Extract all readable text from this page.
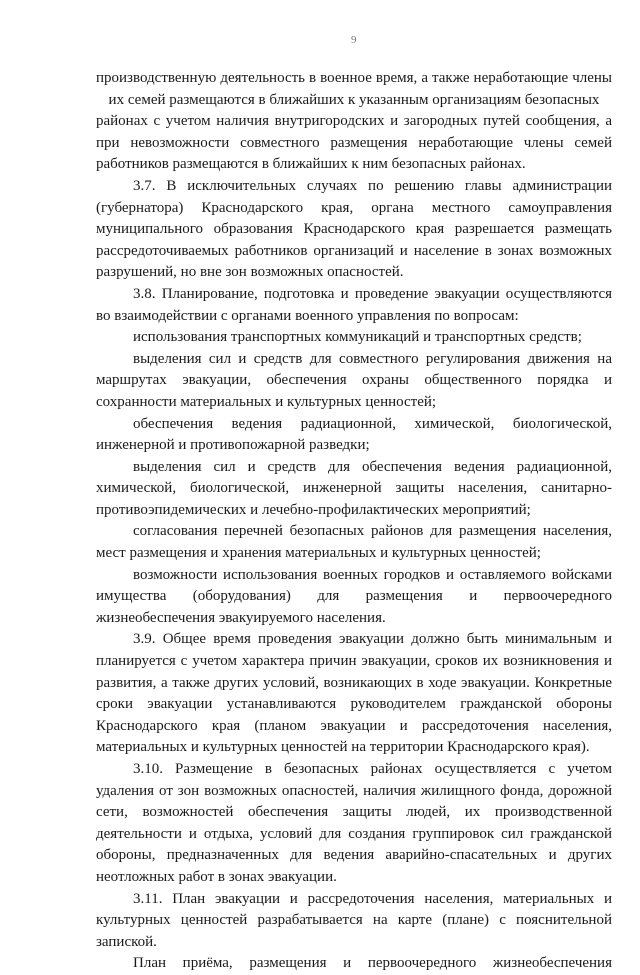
9

производственную деятельность в военное время, а также неработающие члены

их семей размещаются в ближайших к указанным организациям безопасных

районах с учетом наличия внутригородских и загородных путей сообщения, а

при невозможности совместного размещения неработающие члены семей

работников размещаются в ближайших к ним безопасных районах.

3.7. В исключительных случаях по решению главы администрации

(губернатора) Краснодарского края, органа местного самоуправления

муниципального образования Краснодарского края разрешается размещать

рассредоточиваемых работников организаций и население в зонах возможных

разрушений, но вне зон возможных опасностей.

3.8. Планирование, подготовка и проведение эвакуации осуществляются

во взаимодействии с органами военного управления по вопросам:

использования транспортных коммуникаций и транспортных средств;

выделения сил и средств для совместного регулирования движения на

маршрутах эвакуации, обеспечения охраны общественного порядка и

сохранности материальных и культурных ценностей;

обеспечения ведения радиационной, химической, биологической,

инженерной и противопожарной разведки;

выделения сил и средств для обеспечения ведения радиационной,

химической, биологической, инженерной защиты населения, санитарно-

противоэпидемических и лечебно-профилактических мероприятий;

согласования перечней безопасных районов для размещения населения,

мест размещения и хранения материальных и культурных ценностей;

возможности использования военных городков и оставляемого войсками

имущества (оборудования) для размещения и первоочередного

жизнеобеспечения эвакуируемого населения.

3.9. Общее время проведения эвакуации должно быть минимальным и

планируется с учетом характера причин эвакуации, сроков их возникновения и

развития, а также других условий, возникающих в ходе эвакуации. Конкретные

сроки эвакуации устанавливаются руководителем гражданской обороны

Краснодарского края (планом эвакуации и рассредоточения населения,

материальных и культурных ценностей на территории Краснодарского края).

3.10. Размещение в безопасных районах осуществляется с учетом

удаления от зон возможных опасностей, наличия жилищного фонда, дорожной

сети, возможностей обеспечения защиты людей, их производственной

деятельности и отдыха, условий для создания группировок сил гражданской

обороны, предназначенных для ведения аварийно-спасательных и других

неотложных работ в зонах эвакуации.

3.11. План эвакуации и рассредоточения населения, материальных и

культурных ценностей разрабатывается на карте (плане) с пояснительной

запиской.

План приёма, размещения и первоочередного жизнеобеспечения
